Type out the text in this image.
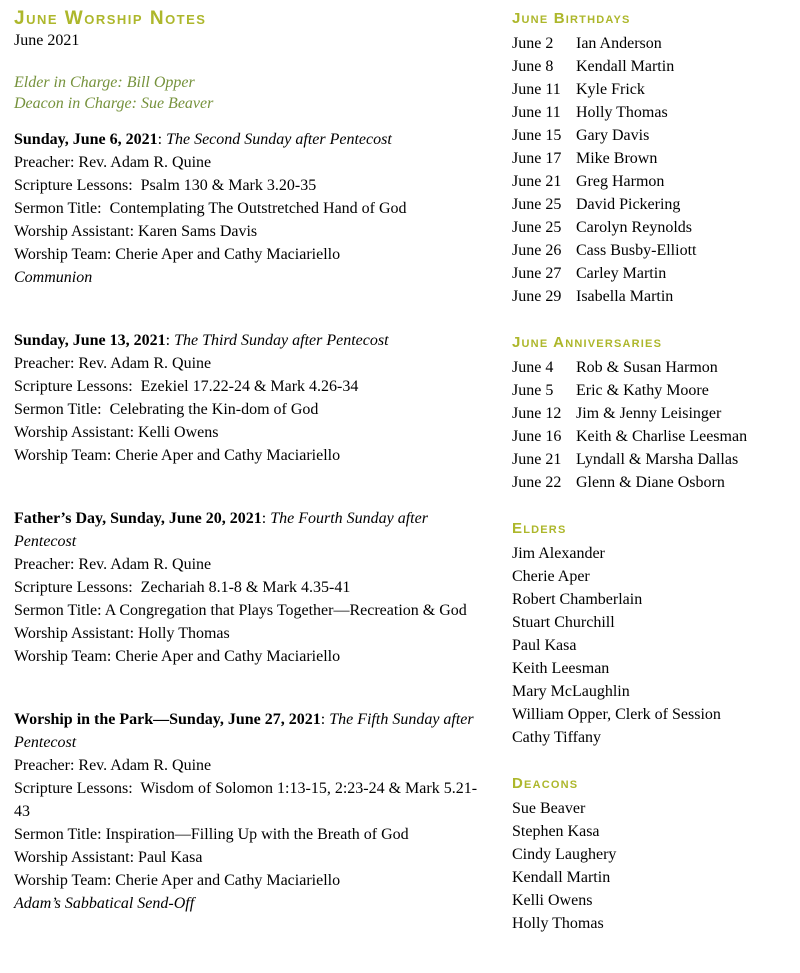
June Worship Notes
June 2021
Elder in Charge: Bill Opper
Deacon in Charge: Sue Beaver
Sunday, June 6, 2021: The Second Sunday after Pentecost
Preacher: Rev. Adam R. Quine
Scripture Lessons:  Psalm 130 & Mark 3.20-35
Sermon Title:  Contemplating The Outstretched Hand of God
Worship Assistant: Karen Sams Davis
Worship Team: Cherie Aper and Cathy Maciariello
Communion
Sunday, June 13, 2021: The Third Sunday after Pentecost
Preacher: Rev. Adam R. Quine
Scripture Lessons:  Ezekiel 17.22-24 & Mark 4.26-34
Sermon Title:  Celebrating the Kin-dom of God
Worship Assistant: Kelli Owens
Worship Team: Cherie Aper and Cathy Maciariello
Father’s Day, Sunday, June 20, 2021: The Fourth Sunday after Pentecost
Preacher: Rev. Adam R. Quine
Scripture Lessons:  Zechariah 8.1-8 & Mark 4.35-41
Sermon Title: A Congregation that Plays Together—Recreation & God
Worship Assistant: Holly Thomas
Worship Team: Cherie Aper and Cathy Maciariello
Worship in the Park—Sunday, June 27, 2021: The Fifth Sunday after Pentecost
Preacher: Rev. Adam R. Quine
Scripture Lessons:  Wisdom of Solomon 1:13-15, 2:23-24 & Mark 5.21-43
Sermon Title: Inspiration—Filling Up with the Breath of God
Worship Assistant: Paul Kasa
Worship Team: Cherie Aper and Cathy Maciariello
Adam’s Sabbatical Send-Off
June Birthdays
June 2	Ian Anderson
June 8	Kendall Martin
June 11 Kyle Frick
June 11 Holly Thomas
June 15 Gary Davis
June 17 Mike Brown
June 21 Greg Harmon
June 25 David Pickering
June 25 Carolyn Reynolds
June 26 Cass Busby-Elliott
June 27 Carley Martin
June 29 Isabella Martin
June Anniversaries
June 4	Rob & Susan Harmon
June 5	Eric & Kathy Moore
June 12 Jim & Jenny Leisinger
June 16 Keith & Charlise Leesman
June 21 Lyndall & Marsha Dallas
June 22 Glenn & Diane Osborn
Elders
Jim Alexander
Cherie Aper
Robert Chamberlain
Stuart Churchill
Paul Kasa
Keith Leesman
Mary McLaughlin
William Opper, Clerk of Session
Cathy Tiffany
Deacons
Sue Beaver
Stephen Kasa
Cindy Laughery
Kendall Martin
Kelli Owens
Holly Thomas
